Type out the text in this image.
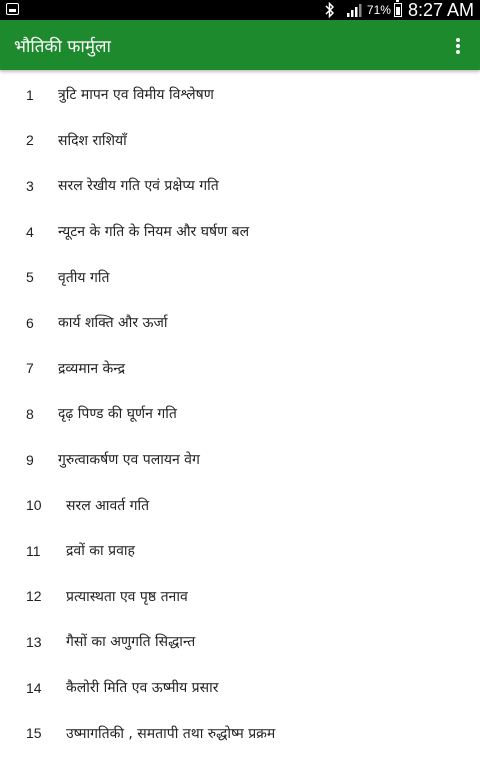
71% 8:27 AM
भौतिकी फार्मुला
1	त्रुटि मापन एव विमीय विश्लेषण
2	सदिश राशियाँ
3	सरल रेखीय गति एवं प्रक्षेप्य गति
4	न्यूटन के गति के नियम और घर्षण बल
5	वृतीय गति
6	कार्य शक्ति और ऊर्जा
7	द्रव्यमान केन्द्र
8	दृढ़ पिण्ड की घूर्णन गति
9	गुरुत्वाकर्षण एव पलायन वेग
10	सरल आवर्त गति
11	द्रवों का प्रवाह
12	प्रत्यास्थता एव पृष्ठ तनाव
13	गैसों का अणुगति सिद्धान्त
14	कैलोरी मिति एव ऊष्मीय प्रसार
15	उष्मागतिकी , समतापी तथा रुद्धोष्म प्रक्रम
